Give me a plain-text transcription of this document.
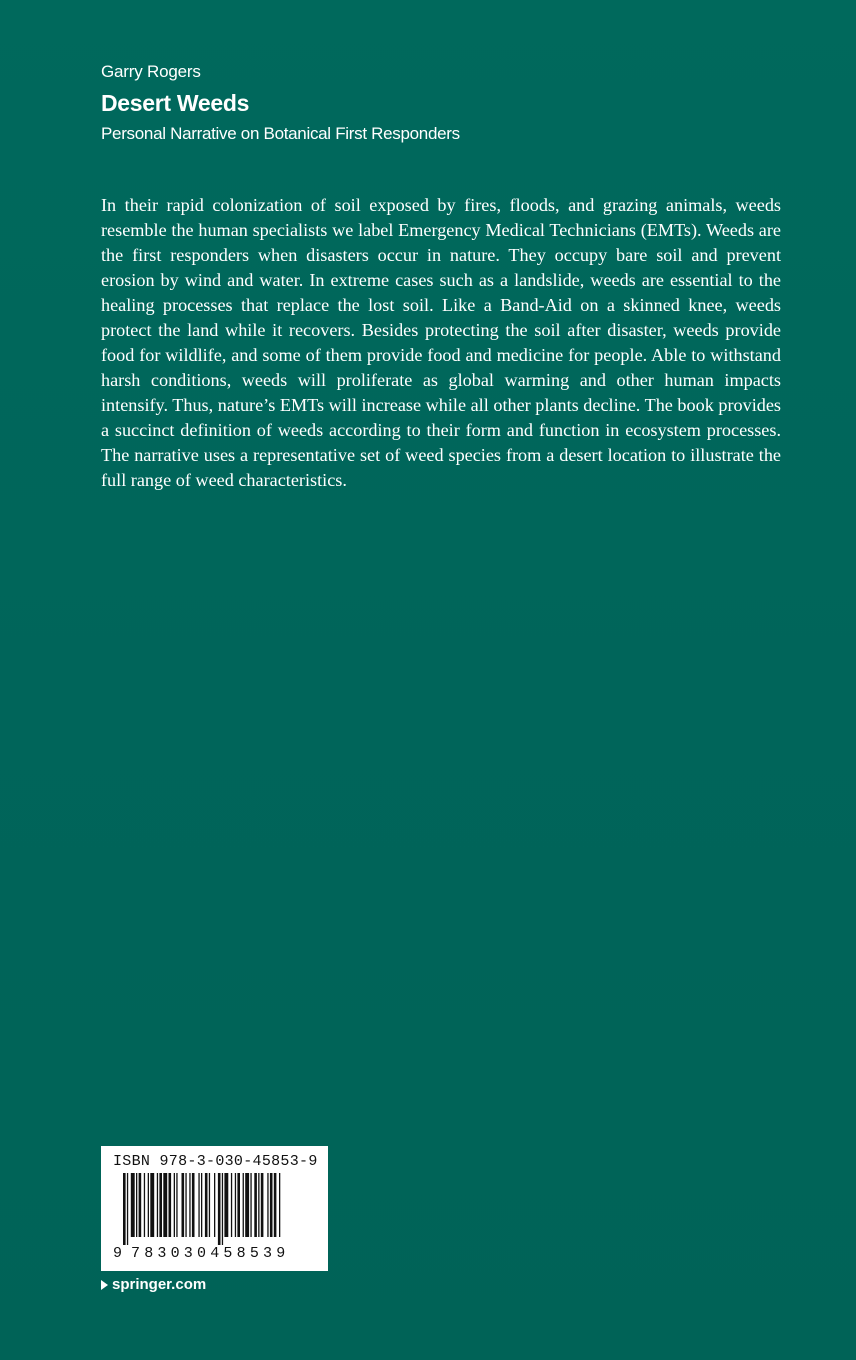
Garry Rogers
Desert Weeds
Personal Narrative on Botanical First Responders

In their rapid colonization of soil exposed by fires, floods, and grazing animals, weeds resemble the human specialists we label Emergency Medical Technicians (EMTs). Weeds are the first responders when disasters occur in nature. They occupy bare soil and prevent erosion by wind and water. In extreme cases such as a landslide, weeds are essential to the healing processes that replace the lost soil. Like a Band-Aid on a skinned knee, weeds protect the land while it recovers. Besides protecting the soil after disaster, weeds provide food for wildlife, and some of them provide food and medicine for people. Able to withstand harsh conditions, weeds will proliferate as global warming and other human impacts intensify. Thus, nature’s EMTs will increase while all other plants decline. The book provides a succinct definition of weeds according to their form and function in ecosystem processes. The narrative uses a representative set of weed species from a desert location to illustrate the full range of weed characteristics.

ISBN 978-3-030-45853-9
9 783030458539
springer.com
